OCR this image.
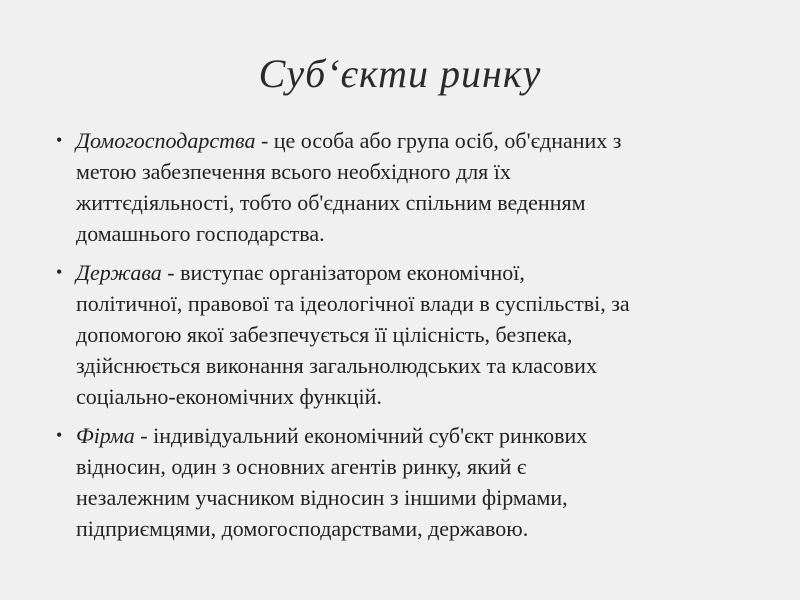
Суб‘єкти ринку
• Домогосподарства - це особа або група осіб, об'єднаних з
метою забезпечення всього необхідного для їх
життєдіяльності, тобто об'єднаних спільним веденням
домашнього господарства.
• Держава - виступає організатором економічної,
політичної, правової та ідеологічної влади в суспільстві, за
допомогою якої забезпечується її цілісність, безпека,
здійснюється виконання загальнолюдських та класових
соціально-економічних функцій.
• Фірма - індивідуальний економічний суб'єкт ринкових
відносин, один з основних агентів ринку, який є
незалежним учасником відносин з іншими фірмами,
підприємцями, домогосподарствами, державою.
